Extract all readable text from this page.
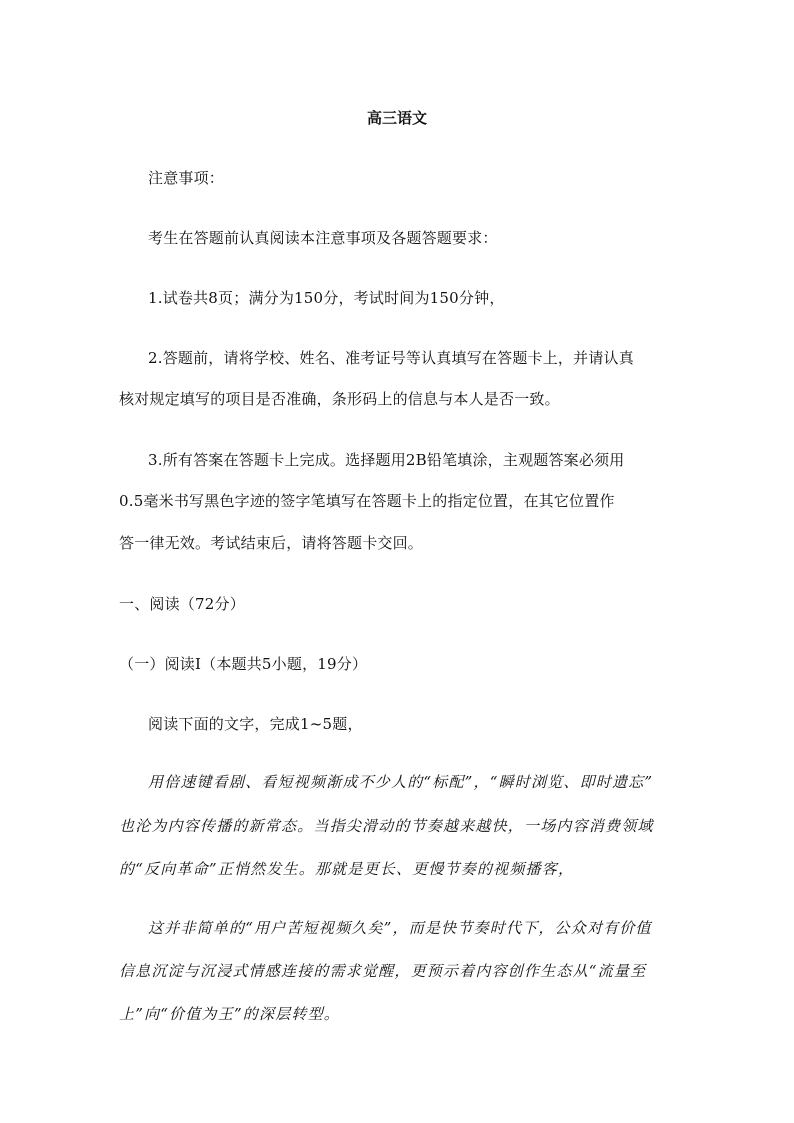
高三语文
注意事项：
考生在答题前认真阅读本注意事项及各题答题要求：
1.试卷共8页；满分为150分，考试时间为150分钟，
2.答题前，请将学校、姓名、准考证号等认真填写在答题卡上，并请认真
核对规定填写的项目是否准确，条形码上的信息与本人是否一致。
3.所有答案在答题卡上完成。选择题用2B铅笔填涂，主观题答案必须用
0.5毫米书写黑色字迹的签字笔填写在答题卡上的指定位置，在其它位置作
答一律无效。考试结束后，请将答题卡交回。
一、阅读（72分）
（一）阅读I（本题共5小题，19分）
阅读下面的文字，完成1~5题，
用倍速键看剧、看短视频渐成不少人的“标配”，“瞬时浏览、即时遗忘”
也沦为内容传播的新常态。当指尖滑动的节奏越来越快，一场内容消费领域
的“反向革命”正悄然发生。那就是更长、更慢节奏的视频播客，
这并非简单的“用户苦短视频久矣”，而是快节奏时代下，公众对有价值
信息沉淀与沉浸式情感连接的需求觉醒，更预示着内容创作生态从“流量至
上”向“价值为王”的深层转型。
